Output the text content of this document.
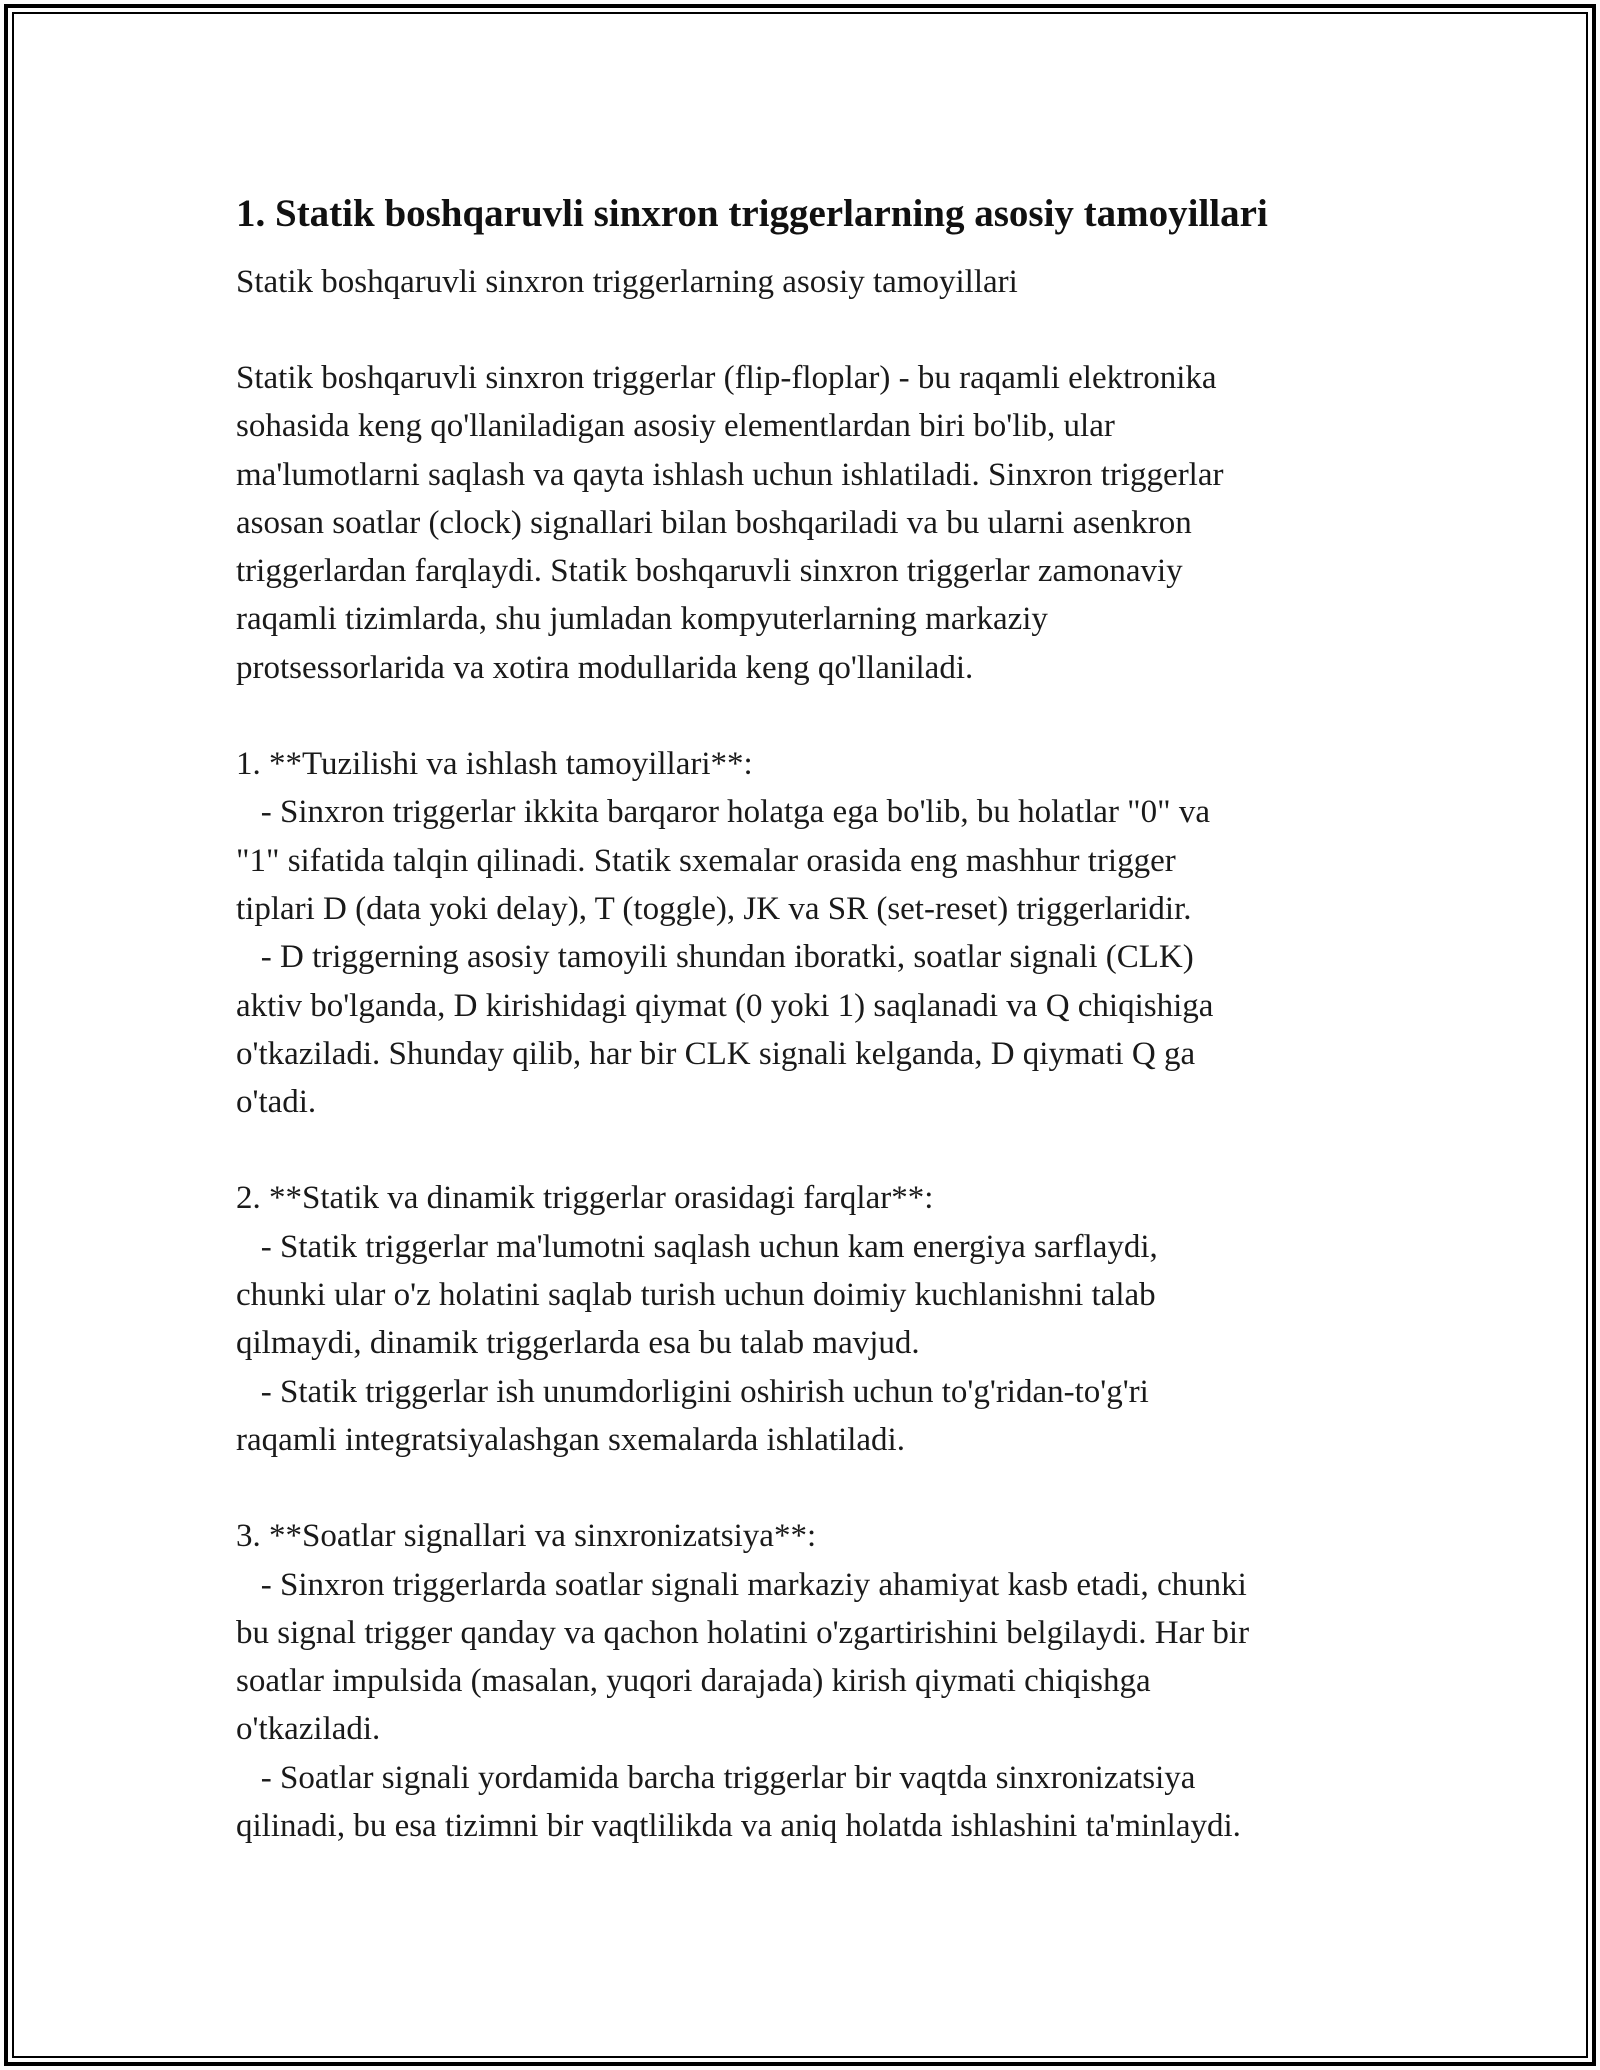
1. Statik boshqaruvli sinxron triggerlarning asosiy tamoyillari

Statik boshqaruvli sinxron triggerlarning asosiy tamoyillari

Statik boshqaruvli sinxron triggerlar (flip-floplar) - bu raqamli elektronika
sohasida keng qo'llaniladigan asosiy elementlardan biri bo'lib, ular
ma'lumotlarni saqlash va qayta ishlash uchun ishlatiladi. Sinxron triggerlar
asosan soatlar (clock) signallari bilan boshqariladi va bu ularni asenkron
triggerlardan farqlaydi. Statik boshqaruvli sinxron triggerlar zamonaviy
raqamli tizimlarda, shu jumladan kompyuterlarning markaziy
protsessorlarida va xotira modullarida keng qo'llaniladi.

1. **Tuzilishi va ishlash tamoyillari**:

- Sinxron triggerlar ikkita barqaror holatga ega bo'lib, bu holatlar "0" va
"1" sifatida talqin qilinadi. Statik sxemalar orasida eng mashhur trigger
tiplari D (data yoki delay), T (toggle), JK va SR (set-reset) triggerlaridir.

- D triggerning asosiy tamoyili shundan iboratki, soatlar signali (CLK)
aktiv bo'lganda, D kirishidagi qiymat (0 yoki 1) saqlanadi va Q chiqishiga
o'tkaziladi. Shunday qilib, har bir CLK signali kelganda, D qiymati Q ga
o'tadi.

2. **Statik va dinamik triggerlar orasidagi farqlar**:

- Statik triggerlar ma'lumotni saqlash uchun kam energiya sarflaydi,
chunki ular o'z holatini saqlab turish uchun doimiy kuchlanishni talab
qilmaydi, dinamik triggerlarda esa bu talab mavjud.

- Statik triggerlar ish unumdorligini oshirish uchun to'g'ridan-to'g'ri
raqamli integratsiyalashgan sxemalarda ishlatiladi.

3. **Soatlar signallari va sinxronizatsiya**:

- Sinxron triggerlarda soatlar signali markaziy ahamiyat kasb etadi, chunki
bu signal trigger qanday va qachon holatini o'zgartirishini belgilaydi. Har bir
soatlar impulsida (masalan, yuqori darajada) kirish qiymati chiqishga
o'tkaziladi.

- Soatlar signali yordamida barcha triggerlar bir vaqtda sinxronizatsiya
qilinadi, bu esa tizimni bir vaqtlilikda va aniq holatda ishlashini ta'minlaydi.
